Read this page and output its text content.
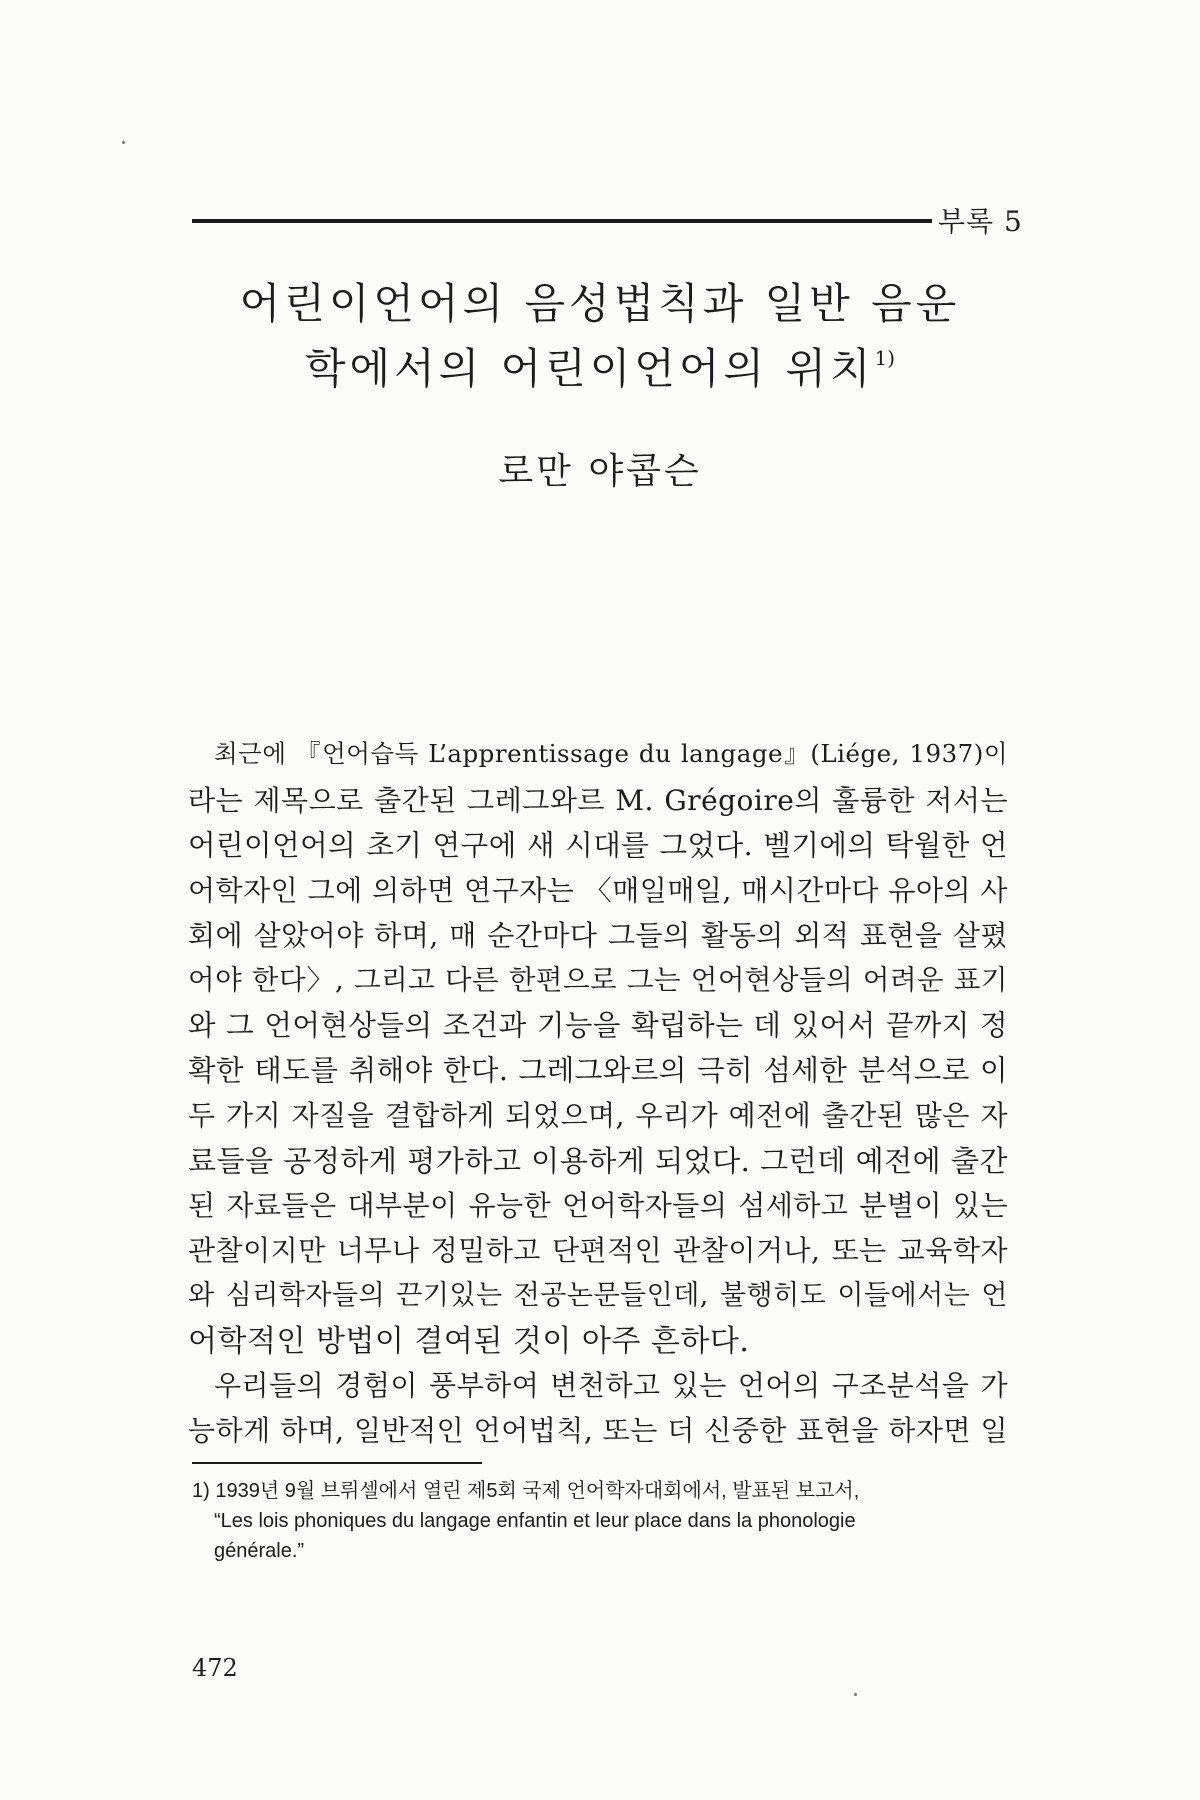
부록 5
어린이언어의 음성법칙과 일반 음운
학에서의 어린이언어의 위치$^{1)}$
로만 야콥슨
최근에 『언어습득 L’apprentissage du langage』(Liége, 1937)이
라는 제목으로 출간된 그레그와르 M. Grégoire의 훌륭한 저서는
어린이언어의 초기 연구에 새 시대를 그었다. 벨기에의 탁월한 언
어학자인 그에 의하면 연구자는 〈매일매일, 매시간마다 유아의 사
회에 살았어야 하며, 매 순간마다 그들의 활동의 외적 표현을 살폈
어야 한다〉, 그리고 다른 한편으로 그는 언어현상들의 어려운 표기
와 그 언어현상들의 조건과 기능을 확립하는 데 있어서 끝까지 정
확한 태도를 취해야 한다. 그레그와르의 극히 섬세한 분석으로 이
두 가지 자질을 결합하게 되었으며, 우리가 예전에 출간된 많은 자
료들을 공정하게 평가하고 이용하게 되었다. 그런데 예전에 출간
된 자료들은 대부분이 유능한 언어학자들의 섬세하고 분별이 있는
관찰이지만 너무나 정밀하고 단편적인 관찰이거나, 또는 교육학자
와 심리학자들의 끈기있는 전공논문들인데, 불행히도 이들에서는 언
어학적인 방법이 결여된 것이 아주 흔하다.
우리들의 경험이 풍부하여 변천하고 있는 언어의 구조분석을 가
능하게 하며, 일반적인 언어법칙, 또는 더 신중한 표현을 하자면 일
1) 1939년 9월 브뤼셀에서 열린 제5회 국제 언어학자대회에서, 발표된 보고서,
“Les lois phoniques du langage enfantin et leur place dans la phonologie
générale.”
472
